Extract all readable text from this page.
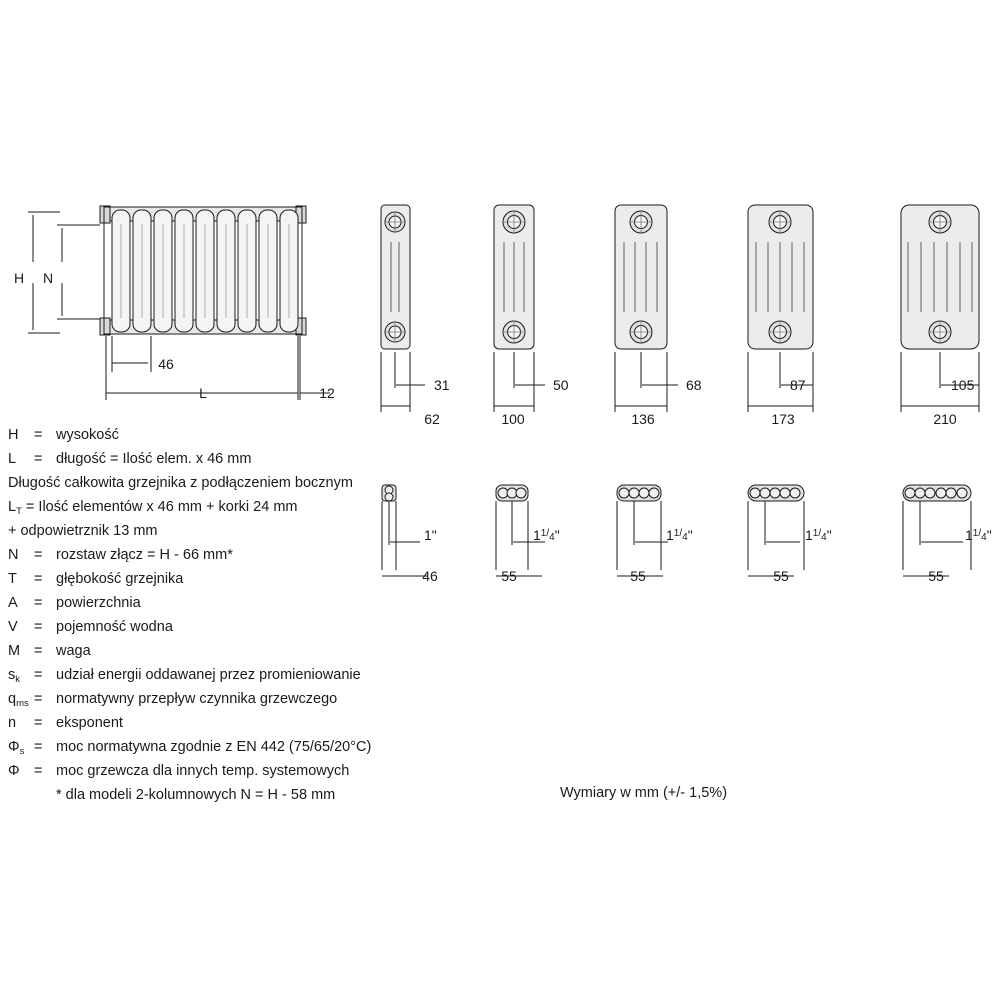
H N
46
L	12	31
62
50
100
68
136
87
173
105
210
1"
46
$1^1/_4$"
55
$1^1/_4$"
55
$1^1/_4$"
55
$1^1/_4$"
55
H	= wysokość
L	= długość = Ilość elem. x 46 mm
Długość całkowita grzejnika z podłączeniem bocznym
$L_T$ = Ilość elementów x 46 mm + korki 24 mm
+ odpowietrznik 13 mm
N	= rozstaw złącz = H - 66 mm*
T	= głębokość grzejnika
A	= powierzchnia
V	= pojemność wodna
M = waga
$s_k$ = udział energii oddawanej przez promieniowanie
$q_{ms}$ = normatywny przepływ czynnika grzewczego
n	= eksponent
$\Phi_s$ = moc normatywna zgodnie z EN 442 (75/65/20°C)
Φ = moc grzewcza dla innych temp. systemowych
* dla modeli 2-kolumnowych N = H - 58 mm	Wymiary w mm (+/- 1,5%)
